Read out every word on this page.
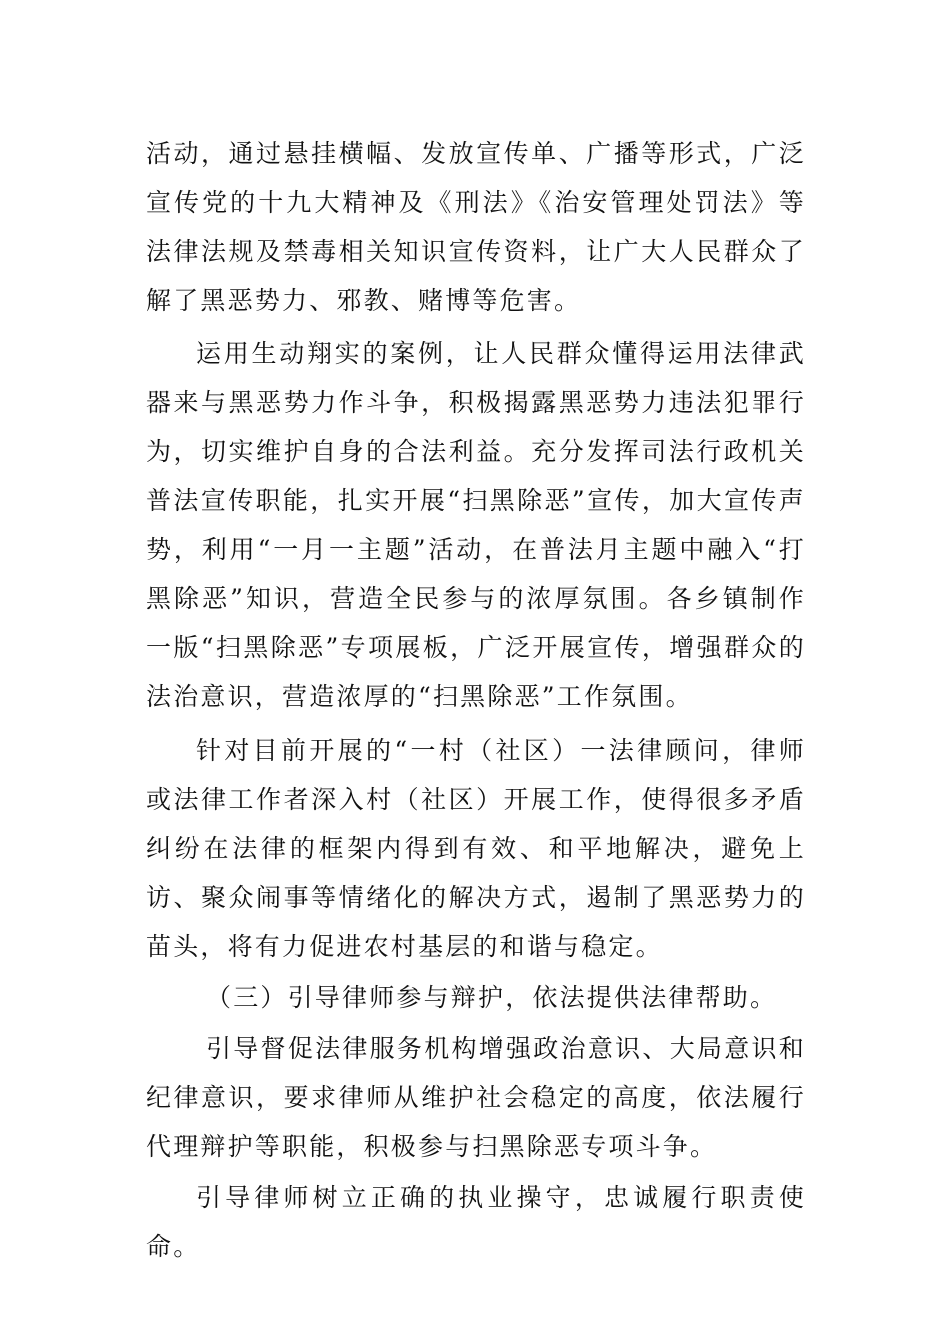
活动，通过悬挂横幅、发放宣传单、广播等形式，广泛宣传党的十九大精神及《刑法》《治安管理处罚法》等法律法规及禁毒相关知识宣传资料，让广大人民群众了解了黑恶势力、邪教、赌博等危害。

运用生动翔实的案例，让人民群众懂得运用法律武器来与黑恶势力作斗争，积极揭露黑恶势力违法犯罪行为，切实维护自身的合法利益。充分发挥司法行政机关普法宣传职能，扎实开展“扫黑除恶”宣传，加大宣传声势，利用“一月一主题”活动，在普法月主题中融入“打黑除恶”知识，营造全民参与的浓厚氛围。各乡镇制作一版“扫黑除恶”专项展板，广泛开展宣传，增强群众的法治意识，营造浓厚的“扫黑除恶”工作氛围。

针对目前开展的“一村（社区）一法律顾问，律师或法律工作者深入村（社区）开展工作，使得很多矛盾纠纷在法律的框架内得到有效、和平地解决，避免上访、聚众闹事等情绪化的解决方式，遏制了黑恶势力的苗头，将有力促进农村基层的和谐与稳定。

（三）引导律师参与辩护，依法提供法律帮助。

引导督促法律服务机构增强政治意识、大局意识和纪律意识，要求律师从维护社会稳定的高度，依法履行代理辩护等职能，积极参与扫黑除恶专项斗争。

引导律师树立正确的执业操守，忠诚履行职责使命。
